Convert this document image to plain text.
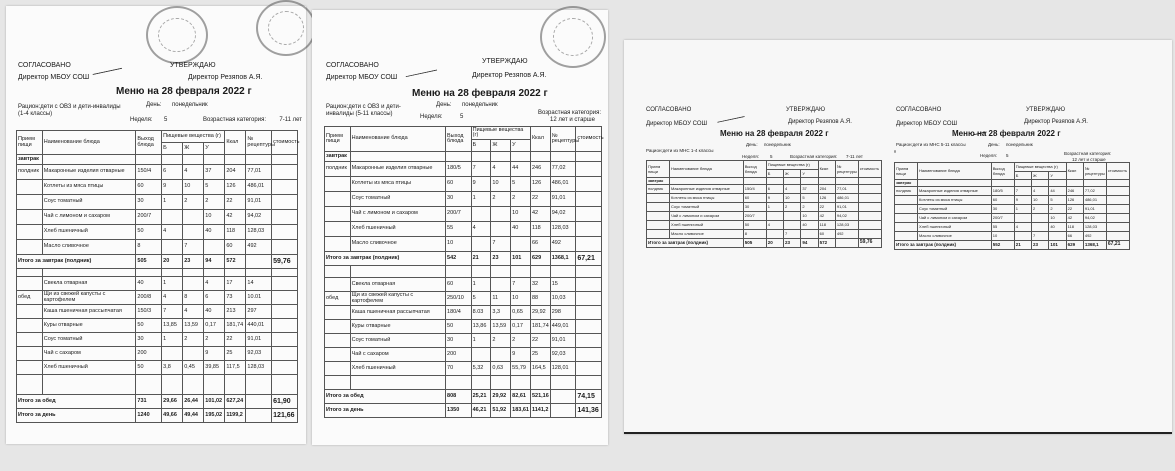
СОГЛАСОВАНО	УТВЕРЖДАЮ
Директор МБОУ СОШ	Директор Резяпов А.Я.
Меню на 28 февраля 2022 г
Рацион:дети с ОВЗ и дети-инвалиды (1-4 классы)
День: понедельник
Неделя: 5	Возрастная категория:	7-11 лет
Прием пищи	Наименование блюда	Выход блюда	Пищевые вещества (г)			Ккал	№ рецептуры	стоимость
			Б	Ж	У			
завтрак								
полдник	Макаронные изделия отварные	150/4	6	4	37	204	77,01	
	Котлеты из мяса птицы	60	9	10	5	126	486,01	
	Соус томатный	30	1	2	2	22	91,01	
	Чай с лимоном и сахаром	200/7			10	42	94,02	
	Хлеб пшеничный	50	4		40	118	128,03	
	Масло сливочное	8		7		60	492	
Итого за завтрак (полдник)		505	20	23	94	572		59,76

	Свекла отварная	40	1		4	17	14	
обед	Щи из свежей капусты с картофелем	200/8	4	8	6	73	10.01	
	Каша пшеничная рассыпчатая	150/3	7	4	40	213	297	
	Куры отварные	50	13,85	13,59	0,17	181,74	440,01	
	Соус томатный	30	1	2	2	22	91,01	
	Чай с сахаром	200			9	25	92,03	
	Хлеб пшеничный	50	3,8	0,45	39,85	117,5	128,03	

Итого за обед		731	29,66	26,44	101,02	627,24		61,90
Итого за день		1240	49,66	49,44	195,02	1199,2		121,66
СОГЛАСОВАНО
УТВЕРЖДАЮ
Директор МБОУ СОШ	Директор Резяпов А.Я.
Меню на 28 февраля 2022 г
Рацион:дети с ОВЗ и дети-инвалиды (5-11 классы)
День: понедельник
Неделя:	5
Возрастная категория:
12 лет и старше
Прием пищи	Наименование блюда	Выход блюда	Пищевые вещества (г)			Ккал	№ рецептуры	стоимость
			Б	Ж	У			
завтрак								
полдник	Макаронные изделия отварные	180/5	7	4	44	246	77,02	
	Котлеты из мяса птицы	60	9	10	5	126	486,01	
	Соус томатный	30	1	2	2	22	91,01	
	Чай с лимоном и сахаром	200/7			10	42	94,02	
	Хлеб пшеничный	55	4		40	118	128,03	
	Масло сливочное	10		7		66	492	
Итого за завтрак (полдник)		542	21	23	101	629	1368,1	67,21

	Свекла отварная	60	1		7	32	15	
обед	Щи из свежей капусты с картофелем	250/10	5	11	10	88	10,03	
	Каша пшеничная рассыпчатая	180/4	8.03	3,3	0,65	29,92	298	
	Куры отварные	50	13,86	13,59	0,17	181,74	449,01	
	Соус томатный	30	1	2	2	22	91,01	
	Чай с сахаром	200			9	25	92,03	
	Хлеб пшеничный	70	5,32	0,63	55,79	164,5	128,01	

Итого за обед		808	25,21	29,92	82,61	521,16		74,15
Итого за день		1350	46,21	51,92	183,61	1141,2		141,36
СОГЛАСОВАНО	УТВЕРЖДАЮ
Директор МБОУ СОШ	Директор Резяпов А.Я.
Меню на 28 февраля 2022 г
День: понедельник
Рацион:дети из МНС 1-4 классы
Неделя: 5	Возрастная категория: 7-11 лет
Прием пищи	Наименование блюда	Выход блюда	Пищевые вещества (г)			Ккал	№ рецептуры	стоимость
			Б	Ж	У			
завтрак								
полдник	Макаронные изделия отварные	150/4	6	4	37	204	77,01	
	Котлеты из мяса птицы	60	9	10	5	126	486,01	
	Соус томатный	30	1	2	2	22	91,01	
	Чай с лимоном и сахаром	200/7			10	42	94,02	
	Хлеб пшеничный	50	4		40	118	128,03	
	Масло сливочное	8		7		60	492	
Итого за завтрак (полдник)		505	20	23	94	572		59,76
СОГЛАСОВАНО	УТВЕРЖДАЮ
Директор МБОУ СОШ	Директор Резяпов А.Я.
Меню на 28 февраля 2022 г
Рацион:дети из МНС 5-11 классы	День: понедельник
Неделя: 5	Возрастная категория:
12 лет и старше
Прием пищи	Наименование блюда	Выход блюда	Пищевые вещества (г)			Ккал	№ рецептуры	стоимость
			Б	Ж	У			
завтрак								
полдник	Макаронные изделия отварные	180/5	7	4	44	246	77,02	
	Котлеты из мяса птицы	60	9	10	5	126	486,01	
	Соус томатный	30	1	2	2	22	91,01	
	Чай с лимоном и сахаром	200/7			10	42	94,02	
	Хлеб пшеничный	55	4		40	118	128,03	
	Масло сливочное	10		7		66	492	
Итого за завтрак (полдник)		552	21	23	101	629	1368,1	67,21
